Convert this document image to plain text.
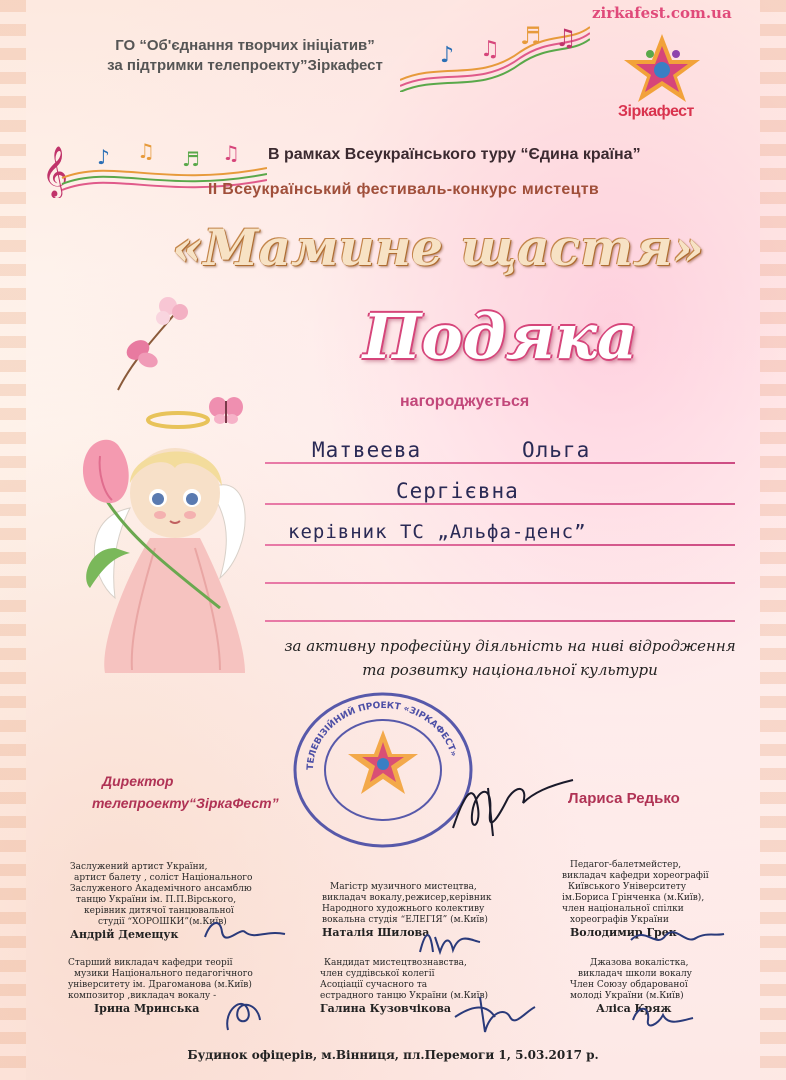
♪ ♫ ♬ ♫
𝄞 ♪ ♫ ♬ ♫
ГО “Об'єднання творчих ініціатив”
за підтримки телепроекту”Зіркафест
zirkafest.com.ua
Зіркафест
В рамках Всеукраїнського туру “Єдина країна”
II Всеукраїнський фестиваль-конкурс мистецтв
«Мамине щастя»
Подяка
нагороджується
Матвеева	Ольга
Сергієвна
керівник ТС „Альфа-денс”
за активну професійну діяльність на ниві відродження
та розвитку національної культури
ТЕЛЕВІЗІЙНИЙ ПРОЕКТ «ЗІРКАФЕСТ»
Директор
телепроекту“ЗіркаФест”	Лариса Редько
Заслужений артист України,
артист балету , соліст Національного
Заслуженого Академічного ансамблю
танцю України ім. П.П.Вірського,
керівник дитячої танцювальної
студії “ХОРОШКИ”(м.Київ)
Андрій Демещук
Магістр музичного мистецтва,
викладач вокалу,режисер,керівник
Народного художнього колективу
вокальна студія “ЕЛЕГІЯ” (м.Київ)
Наталія Шилова
Педагог-балетмейстер,
викладач кафедри хореографії
Київського Університету
ім.Бориса Грінченка (м.Київ),
член національної спілки
хореографів України
Володимир Грек
Старший викладач кафедри теорії
музики Національного педагогічного
університету ім. Драгоманова (м.Київ)
композитор ,викладач вокалу -
Ірина Мринська
Кандидат мистецтвознавства,
член суддівської колегії
Асоціації сучасного та
естрадного танцю України (м.Київ)
Галина Кузовчікова
Джазова вокалістка,
викладач школи вокалу
Член Союзу обдарованої
молоді України (м.Київ)
Аліса Кряж
Будинок офіцерів, м.Вінниця, пл.Перемоги 1, 5.03.2017 р.
